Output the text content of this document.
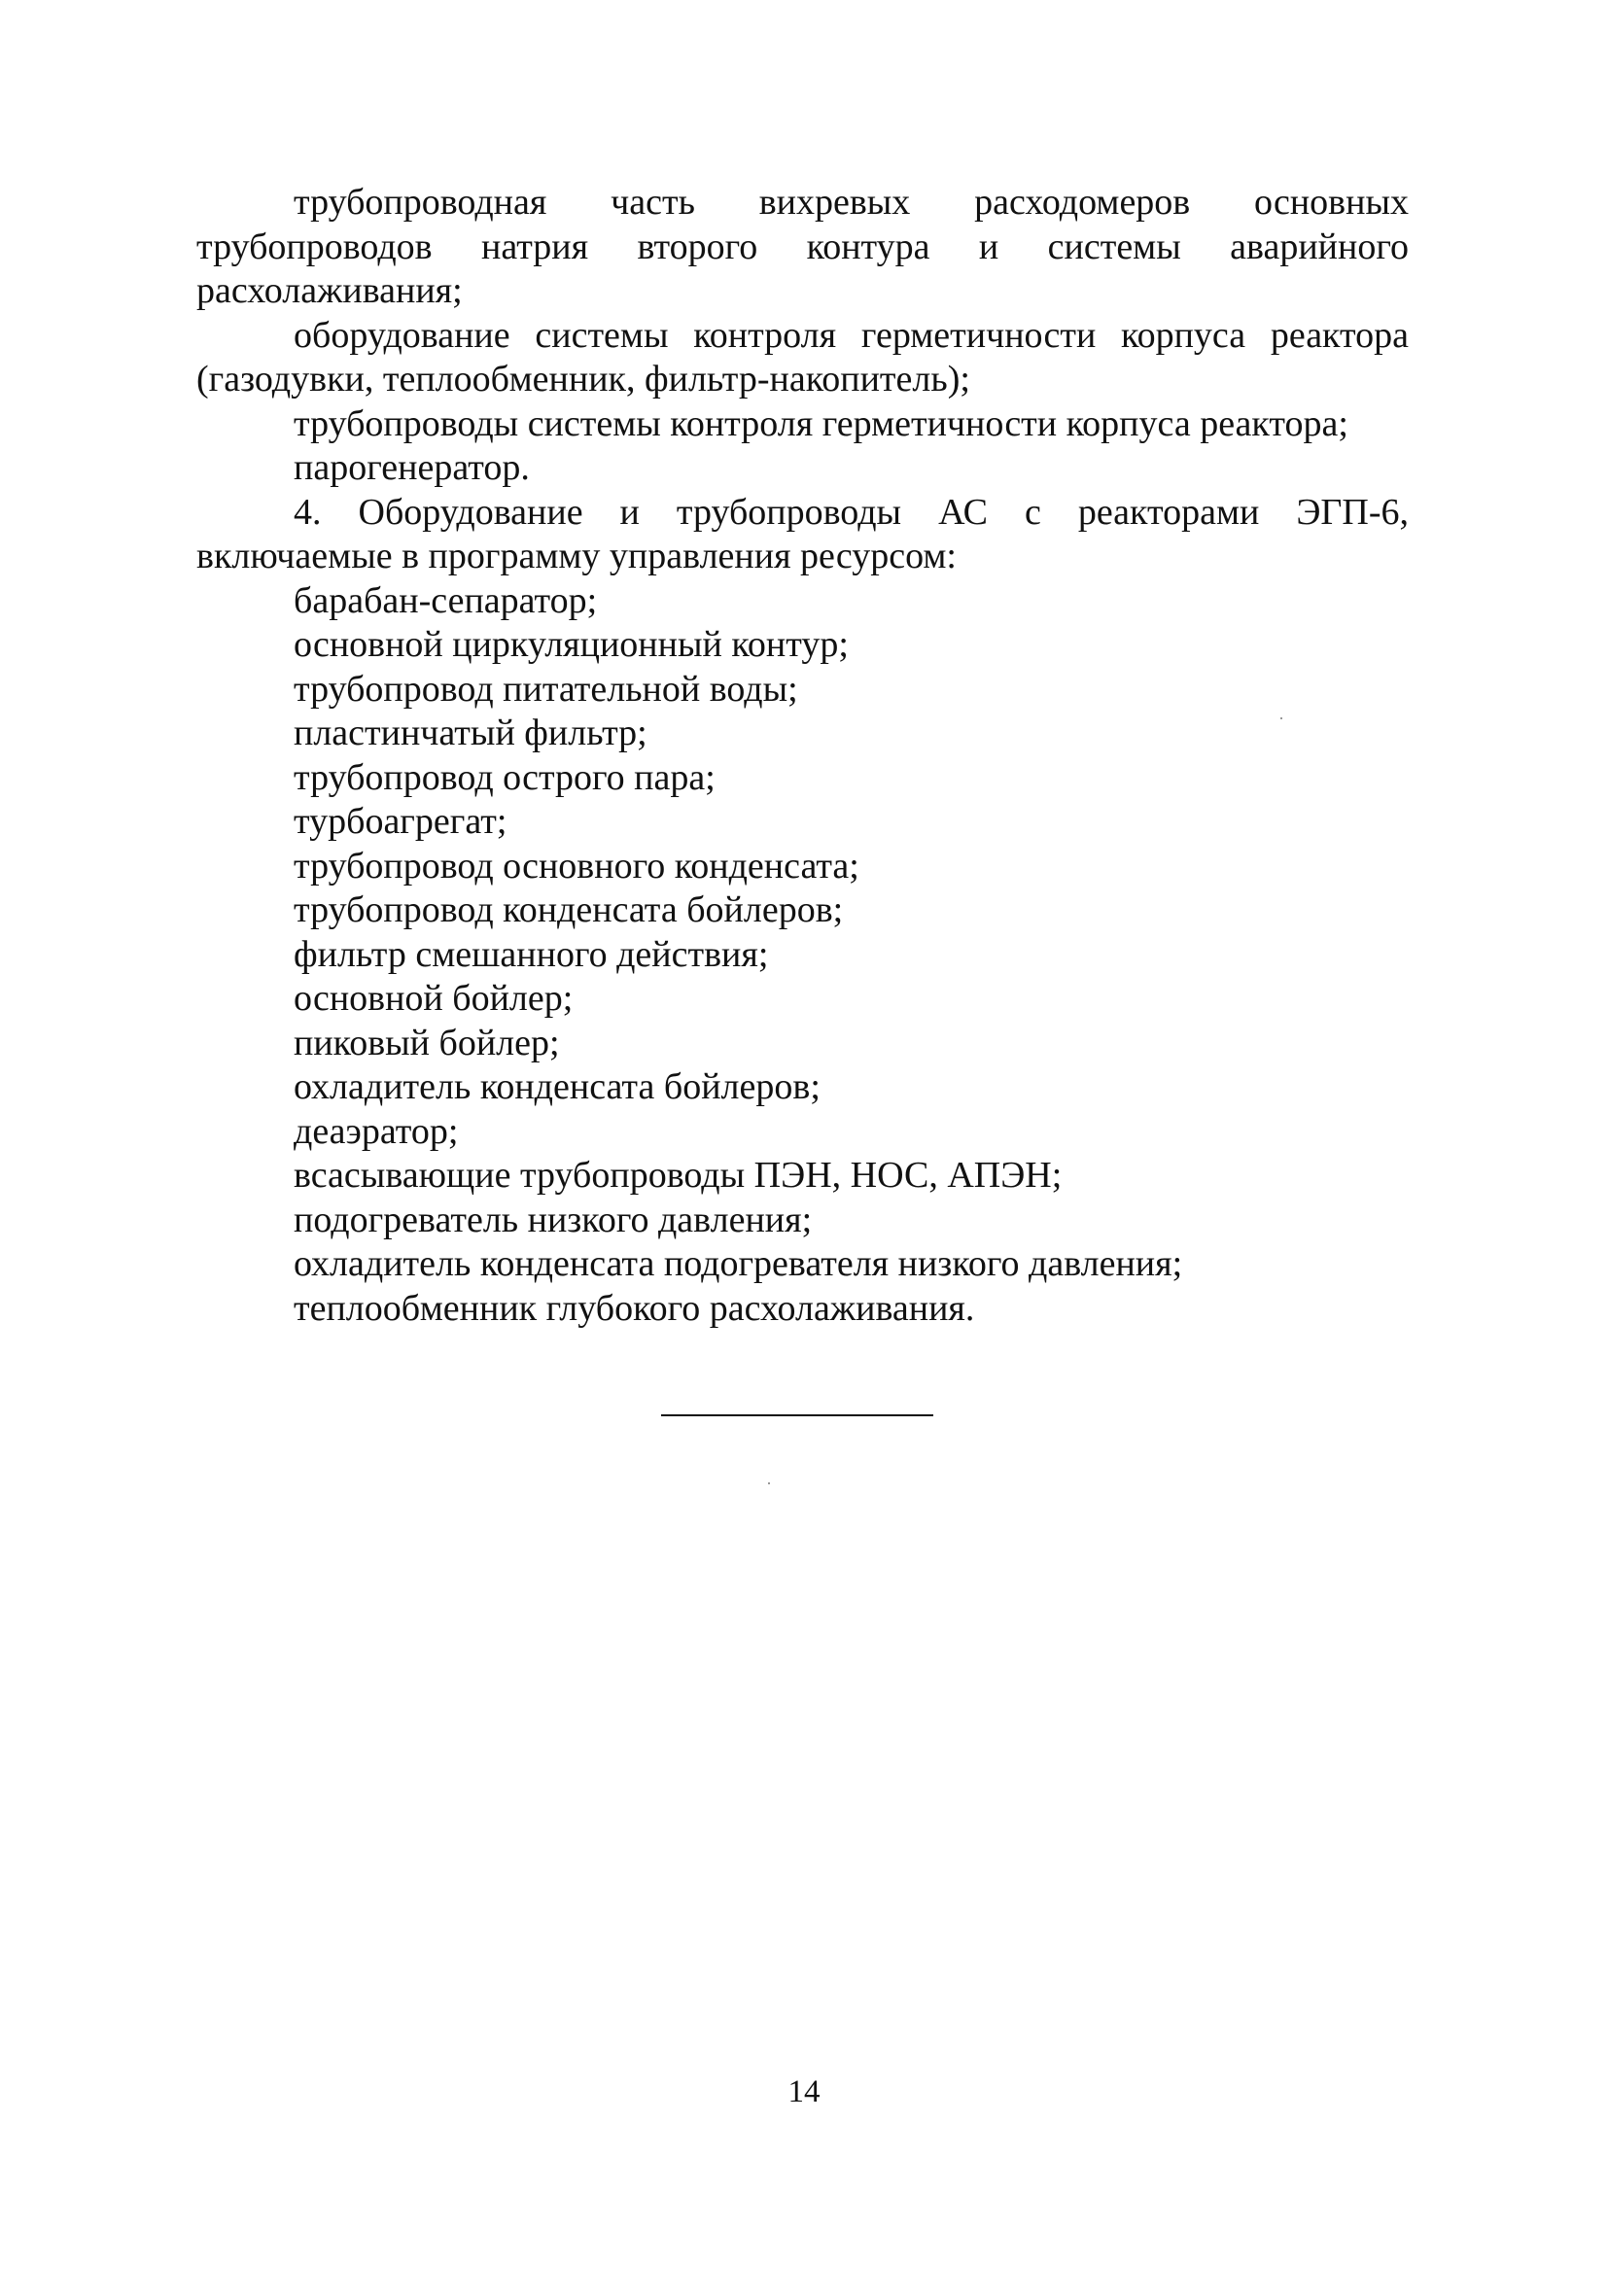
трубопроводная часть вихревых расходомеров основных трубопроводов натрия второго контура и системы аварийного расхолаживания;

оборудование системы контроля герметичности корпуса реактора (газодувки, теплообменник, фильтр-накопитель);

трубопроводы системы контроля герметичности корпуса реактора;

парогенератор.

4. Оборудование и трубопроводы АС с реакторами ЭГП-6, включаемые в программу управления ресурсом:

барабан-сепаратор;

основной циркуляционный контур;

трубопровод питательной воды;

пластинчатый фильтр;

трубопровод острого пара;

турбоагрегат;

трубопровод основного конденсата;

трубопровод конденсата бойлеров;

фильтр смешанного действия;

основной бойлер;

пиковый бойлер;

охладитель конденсата бойлеров;

деаэратор;

всасывающие трубопроводы ПЭН, НОС, АПЭН;

подогреватель низкого давления;

охладитель конденсата подогревателя низкого давления;

теплообменник глубокого расхолаживания.

14
